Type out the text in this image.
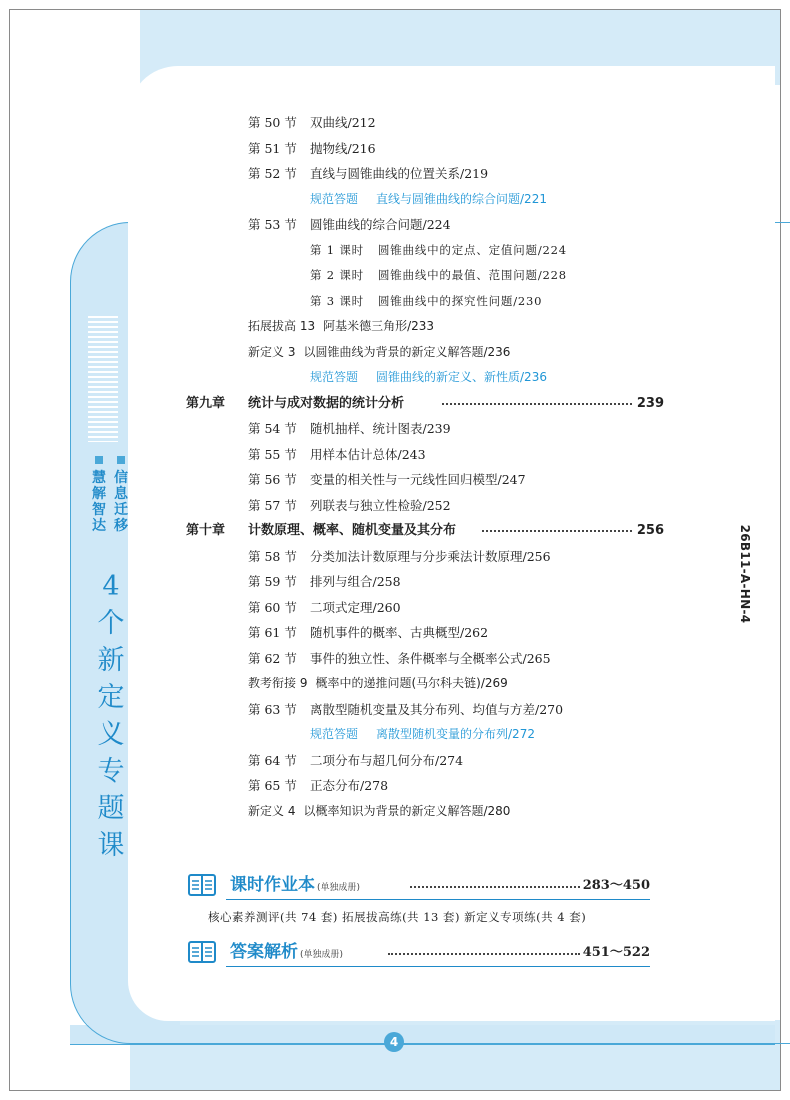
慧
解
智
达
信
息
迁
移
4
个
新
定
义
专
题
课
26B11-A-HN-4
第 50 节 双曲线/212
第 51 节 抛物线/216
第 52 节 直线与圆锥曲线的位置关系/219
规范答题 直线与圆锥曲线的综合问题/221
第 53 节 圆锥曲线的综合问题/224
第 1 课时 圆锥曲线中的定点、定值问题/224
第 2 课时 圆锥曲线中的最值、范围问题/228
第 3 课时 圆锥曲线中的探究性问题/230
拓展拔高 13 阿基米德三角形/233
新定义 3 以圆锥曲线为背景的新定义解答题/236
规范答题 圆锥曲线的新定义、新性质/236
第九章 统计与成对数据的统计分析	239
第 54 节 随机抽样、统计图表/239
第 55 节 用样本估计总体/243
第 56 节 变量的相关性与一元线性回归模型/247
第 57 节 列联表与独立性检验/252
第十章 计数原理、概率、随机变量及其分布	256
第 58 节 分类加法计数原理与分步乘法计数原理/256
第 59 节 排列与组合/258
第 60 节 二项式定理/260
第 61 节 随机事件的概率、古典概型/262
第 62 节 事件的独立性、条件概率与全概率公式/265
教考衔接 9 概率中的递推问题(马尔科夫链)/269
第 63 节 离散型随机变量及其分布列、均值与方差/270
规范答题 离散型随机变量的分布列/272
第 64 节 二项分布与超几何分布/274
第 65 节 正态分布/278
新定义 4 以概率知识为背景的新定义解答题/280
课时作业本 (单独成册)	283～450
核心素养测评(共 74 套) 拓展拔高练(共 13 套) 新定义专项练(共 4 套)
答案解析 (单独成册)	451～522
4
